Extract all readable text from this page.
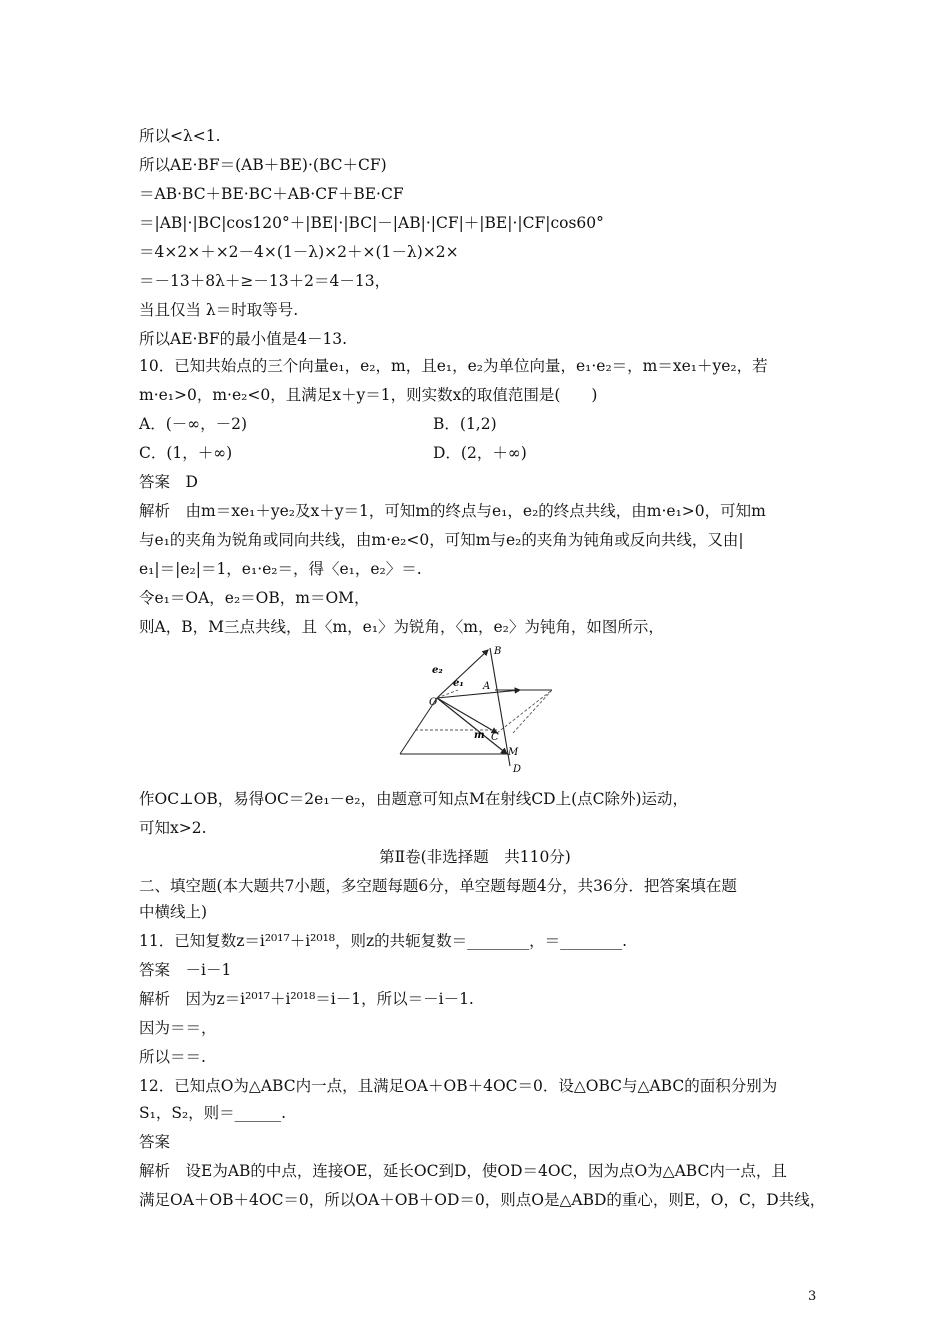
所以<λ<1.
所以AE·BF＝(AB＋BE)·(BC＋CF)
＝AB·BC＋BE·BC＋AB·CF＋BE·CF
＝|AB|·|BC|cos120°＋|BE|·|BC|－|AB|·|CF|＋|BE|·|CF|cos60°
＝4×2×＋×2－4×(1－λ)×2＋×(1－λ)×2×
＝－13＋8λ＋≥－13＋2＝4－13，
当且仅当 λ＝时取等号.
所以AE·BF的最小值是4－13.
10．已知共始点的三个向量e₁，e₂，m，且e₁，e₂为单位向量，e₁·e₂＝，m＝xe₁＋ye₂，若
m·e₁>0，m·e₂<0，且满足x＋y＝1，则实数x的取值范围是(　　)
A．(－∞，－2)	B．(1,2)
C．(1，＋∞)	D．(2，＋∞)
答案　D
解析　由m＝xe₁＋ye₂及x＋y＝1，可知m的终点与e₁，e₂的终点共线，由m·e₁>0，可知m
与e₁的夹角为锐角或同向共线，由m·e₂<0，可知m与e₂的夹角为钝角或反向共线，又由|
e₁|＝|e₂|＝1，e₁·e₂＝，得〈e₁，e₂〉＝.
令e₁＝OA，e₂＝OB，m＝OM，
则A，B，M三点共线，且〈m，e₁〉为锐角，〈m，e₂〉为钝角，如图所示，
B
e₂
e₁ A
O
m C
M
D
作OC⊥OB，易得OC＝2e₁－e₂，由题意可知点M在射线CD上(点C除外)运动，
可知x>2.
第Ⅱ卷(非选择题　共110分)
二、填空题(本大题共7小题，多空题每题6分，单空题每题4分，共36分．把答案填在题
中横线上)
11．已知复数z＝i²⁰¹⁷＋i²⁰¹⁸，则z的共轭复数＝________，＝________.
答案　－i－1
解析　因为z＝i²⁰¹⁷＋i²⁰¹⁸＝i－1，所以＝－i－1.
因为＝＝，
所以＝＝.
12．已知点O为△ABC内一点，且满足OA＋OB＋4OC＝0．设△OBC与△ABC的面积分别为
S₁，S₂，则＝______.
答案
解析　设E为AB的中点，连接OE，延长OC到D，使OD＝4OC，因为点O为△ABC内一点，且
满足OA＋OB＋4OC＝0，所以OA＋OB＋OD＝0，则点O是△ABD的重心，则E，O，C，D共线，
3
